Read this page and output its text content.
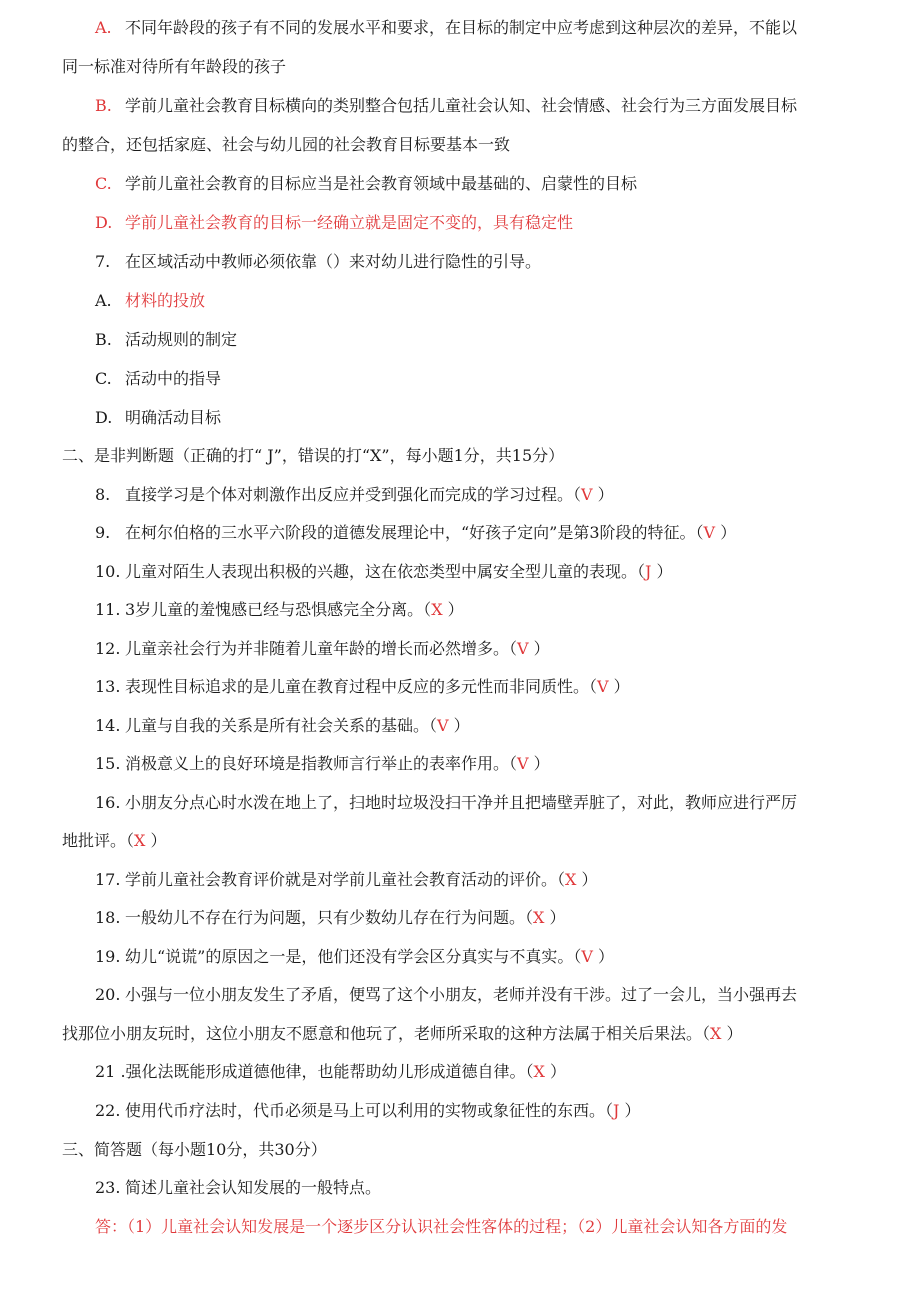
A. 不同年龄段的孩子有不同的发展水平和要求，在目标的制定中应考虑到这种层次的差异，不能以
同一标准对待所有年龄段的孩子
B. 学前儿童社会教育目标横向的类别整合包括儿童社会认知、社会情感、社会行为三方面发展目标
的整合，还包括家庭、社会与幼儿园的社会教育目标要基本一致
C. 学前儿童社会教育的目标应当是社会教育领域中最基础的、启蒙性的目标
D. 学前儿童社会教育的目标一经确立就是固定不变的，具有稳定性
7. 在区域活动中教师必须依靠（）来对幼儿进行隐性的引导。
A. 材料的投放
B. 活动规则的制定
C. 活动中的指导
D. 明确活动目标
二、是非判断题（正确的打“ J”，错误的打“X”，每小题1分，共15分）
8. 直接学习是个体对刺激作出反应并受到强化而完成的学习过程。（V ）
9. 在柯尔伯格的三水平六阶段的道德发展理论中，“好孩子定向”是第3阶段的特征。（V ）
10. 儿童对陌生人表现出积极的兴趣，这在依恋类型中属安全型儿童的表现。（J ）
11. 3岁儿童的羞愧感已经与恐惧感完全分离。（X ）
12. 儿童亲社会行为并非随着儿童年龄的增长而必然增多。（V ）
13. 表现性目标追求的是儿童在教育过程中反应的多元性而非同质性。（V ）
14. 儿童与自我的关系是所有社会关系的基础。（V ）
15. 消极意义上的良好环境是指教师言行举止的表率作用。（V ）
16. 小朋友分点心时水泼在地上了，扫地时垃圾没扫干净并且把墙壁弄脏了，对此，教师应进行严厉
地批评。（X ）
17. 学前儿童社会教育评价就是对学前儿童社会教育活动的评价。（X ）
18. 一般幼儿不存在行为问题，只有少数幼儿存在行为问题。（X ）
19. 幼儿“说谎”的原因之一是，他们还没有学会区分真实与不真实。（V ）
20. 小强与一位小朋友发生了矛盾，便骂了这个小朋友，老师并没有干涉。过了一会儿，当小强再去
找那位小朋友玩时，这位小朋友不愿意和他玩了，老师所采取的这种方法属于相关后果法。（X ）
21 .强化法既能形成道德他律，也能帮助幼儿形成道德自律。（X ）
22. 使用代币疗法时，代币必须是马上可以利用的实物或象征性的东西。（J ）
三、简答题（每小题10分，共30分）
23. 简述儿童社会认知发展的一般特点。
答：（1）儿童社会认知发展是一个逐步区分认识社会性客体的过程；（2）儿童社会认知各方面的发
